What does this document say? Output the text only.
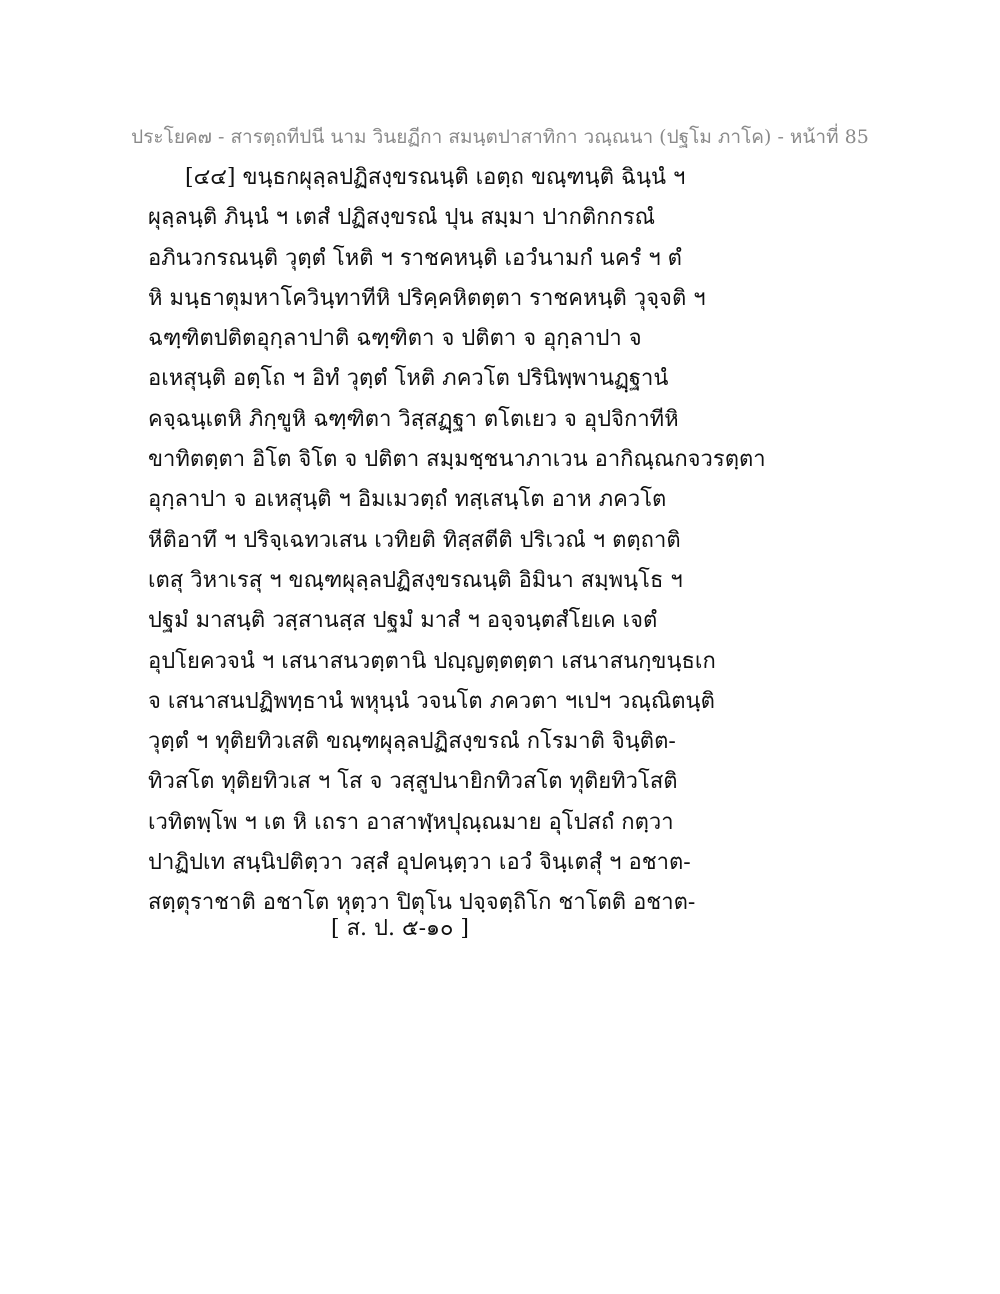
ประโยค๗ - สารตฺถทีปนี นาม วินยฏีกา สมนฺตปาสาทิกา วณฺณนา (ปฐโม ภาโค) - หน้าที่ 85
[๔๔] ขนฺธกผุลฺลปฏิสงฺขรณนฺติ เอตฺถ ขณฺฑนฺติ ฉินฺนํ ฯ
ผุลฺลนฺติ ภินฺนํ ฯ เตสํ ปฏิสงฺขรณํ ปุน สมฺมา ปากติกกรณํ
อภินวกรณนฺติ วุตฺตํ โหติ ฯ ราชคหนฺติ เอวํนามกํ นครํ ฯ ตํ
หิ มนฺธาตุมหาโควินฺทาทีหิ ปริคฺคหิตตฺตา ราชคหนฺติ วุจฺจติ ฯ
ฉฑฺฑิตปติตอุกฺลาปาติ ฉฑฺฑิตา จ ปติตา จ อุกฺลาปา จ
อเหสุนฺติ อตฺโถ ฯ อิทํ วุตฺตํ โหติ ภควโต ปรินิพฺพานฏฺฐานํ
คจฺฉนฺเตหิ ภิกฺขูหิ ฉฑฺฑิตา วิสฺสฏฺฐา ตโตเยว จ อุปจิกาทีหิ
ขาทิตตฺตา อิโต จิโต จ ปติตา สมฺมชฺชนาภาเวน อากิณฺณกจวรตฺตา
อุกฺลาปา จ อเหสุนฺติ ฯ อิมเมวตฺถํ ทสฺเสนฺโต อาห ภควโต
หีติอาทึ ฯ ปริจฺเฉทวเสน เวทิยติ ทิสฺสตีติ ปริเวณํ ฯ ตตฺถาติ
เตสุ วิหาเรสุ ฯ ขณฺฑผุลฺลปฏิสงฺขรณนฺติ อิมินา สมฺพนฺโธ ฯ
ปฐมํ มาสนฺติ วสฺสานสฺส ปฐมํ มาสํ ฯ อจฺจนฺตสํโยเค เจตํ
อุปโยควจนํ ฯ เสนาสนวตฺตานิ ปญฺญตฺตตฺตา เสนาสนกฺขนฺธเก
จ เสนาสนปฏิพทฺธานํ พหุนฺนํ วจนโต ภควตา ฯเปฯ วณฺณิตนฺติ
วุตฺตํ ฯ ทุติยทิวเสติ ขณฺฑผุลฺลปฏิสงฺขรณํ กโรมาติ จินฺติต-
ทิวสโต ทุติยทิวเส ฯ โส จ วสฺสูปนายิกทิวสโต ทุติยทิวโสติ
เวทิตพฺโพ ฯ เต หิ เถรา อาสาฬฺหปุณฺณมาย อุโปสถํ กตฺวา
ปาฏิปเท สนฺนิปติตฺวา วสฺสํ อุปคนฺตฺวา เอวํ จินฺเตสุํ ฯ อชาต-
สตฺตุราชาติ อชาโต หุตฺวา ปิตุโน ปจฺจตฺถิโก ชาโตติ อชาต-
[ ส. ป. ๕-๑๐ ]
